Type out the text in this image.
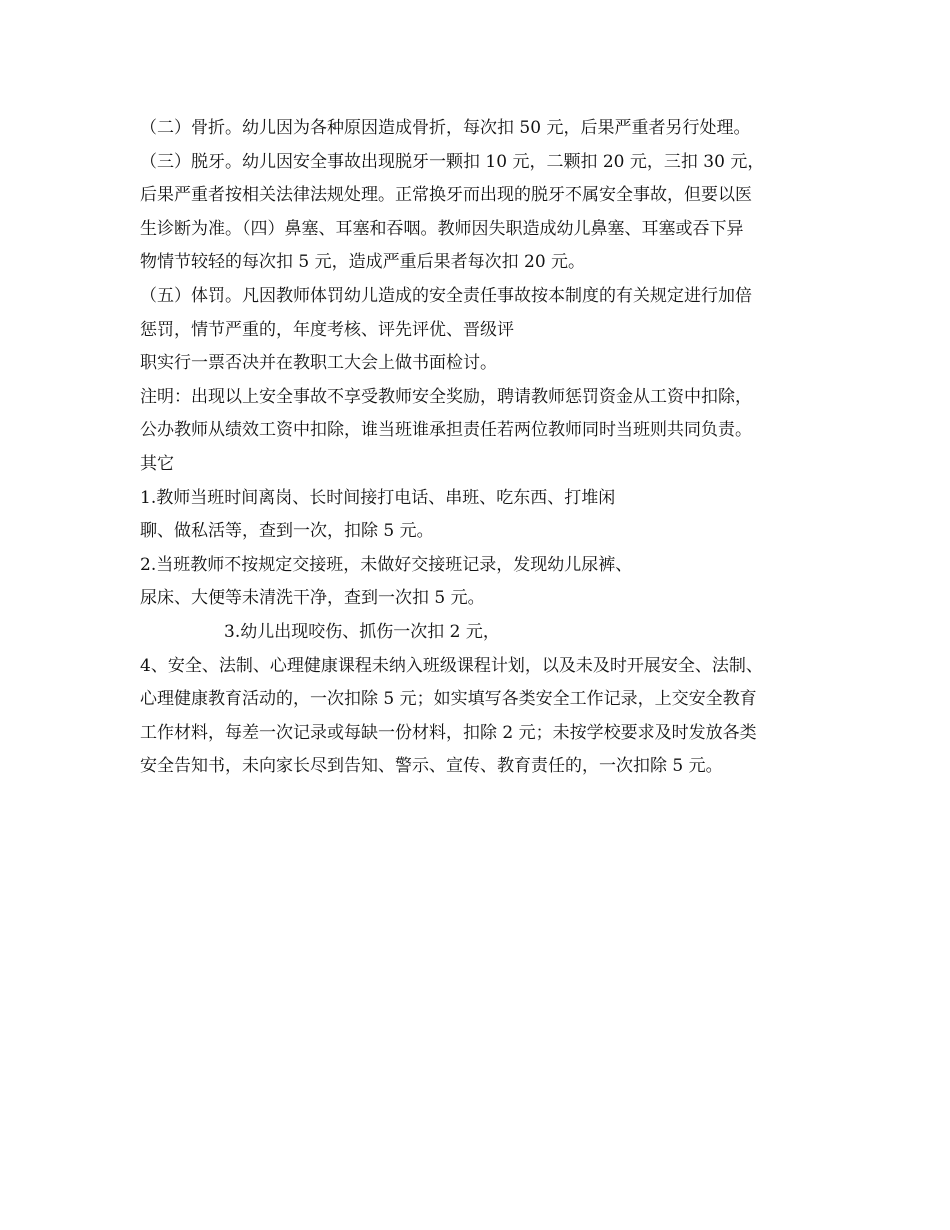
（二）骨折。幼儿因为各种原因造成骨折，每次扣 50 元，后果严重者另行处理。

（三）脱牙。幼儿因安全事故出现脱牙一颗扣 10 元，二颗扣 20 元，三扣 30 元，

后果严重者按相关法律法规处理。正常换牙而出现的脱牙不属安全事故，但要以医

生诊断为准。（四）鼻塞、耳塞和吞咽。教师因失职造成幼儿鼻塞、耳塞或吞下异

物情节较轻的每次扣 5 元，造成严重后果者每次扣 20 元。

（五）体罚。凡因教师体罚幼儿造成的安全责任事故按本制度的有关规定进行加倍

惩罚，情节严重的，年度考核、评先评优、晋级评

职实行一票否决并在教职工大会上做书面检讨。

注明：出现以上安全事故不享受教师安全奖励，聘请教师惩罚资金从工资中扣除，

公办教师从绩效工资中扣除，谁当班谁承担责任若两位教师同时当班则共同负责。

其它

1.教师当班时间离岗、长时间接打电话、串班、吃东西、打堆闲

聊、做私活等，查到一次，扣除 5 元。

2.当班教师不按规定交接班，未做好交接班记录，发现幼儿尿裤、

尿床、大便等未清洗干净，查到一次扣 5 元。

3.幼儿出现咬伤、抓伤一次扣 2 元，

4、安全、法制、心理健康课程未纳入班级课程计划，以及未及时开展安全、法制、

心理健康教育活动的，一次扣除 5 元；如实填写各类安全工作记录，上交安全教育

工作材料，每差一次记录或每缺一份材料，扣除 2 元；未按学校要求及时发放各类

安全告知书，未向家长尽到告知、警示、宣传、教育责任的，一次扣除 5 元。
